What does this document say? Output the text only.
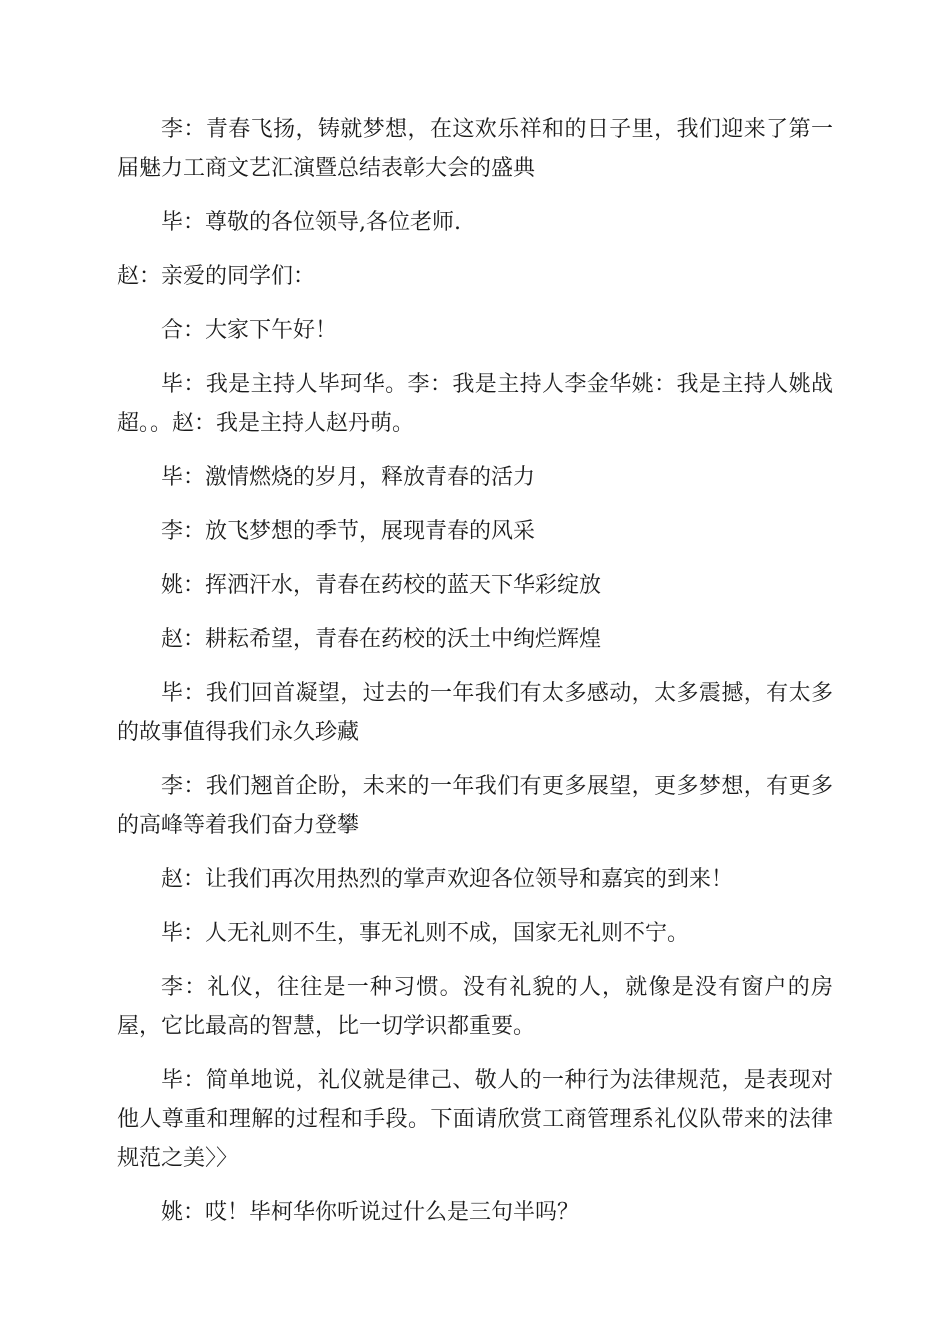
李：青春飞扬，铸就梦想，在这欢乐祥和的日子里，我们迎来了第一届魅力工商文艺汇演暨总结表彰大会的盛典

毕：尊敬的各位领导,各位老师.

赵：亲爱的同学们：

合：大家下午好！

毕：我是主持人毕珂华。李：我是主持人李金华姚：我是主持人姚战超。。赵：我是主持人赵丹萌。

毕：激情燃烧的岁月，释放青春的活力

李：放飞梦想的季节，展现青春的风采

姚：挥洒汗水，青春在药校的蓝天下华彩绽放

赵：耕耘希望，青春在药校的沃土中绚烂辉煌

毕：我们回首凝望，过去的一年我们有太多感动，太多震撼，有太多的故事值得我们永久珍藏

李：我们翘首企盼，未来的一年我们有更多展望，更多梦想，有更多的高峰等着我们奋力登攀

赵：让我们再次用热烈的掌声欢迎各位领导和嘉宾的到来！

毕：人无礼则不生，事无礼则不成，国家无礼则不宁。

李：礼仪，往往是一种习惯。没有礼貌的人，就像是没有窗户的房屋，它比最高的智慧，比一切学识都重要。

毕：简单地说，礼仪就是律己、敬人的一种行为法律规范，是表现对他人尊重和理解的过程和手段。下面请欣赏工商管理系礼仪队带来的法律规范之美〉〉

姚：哎！毕柯华你听说过什么是三句半吗？
